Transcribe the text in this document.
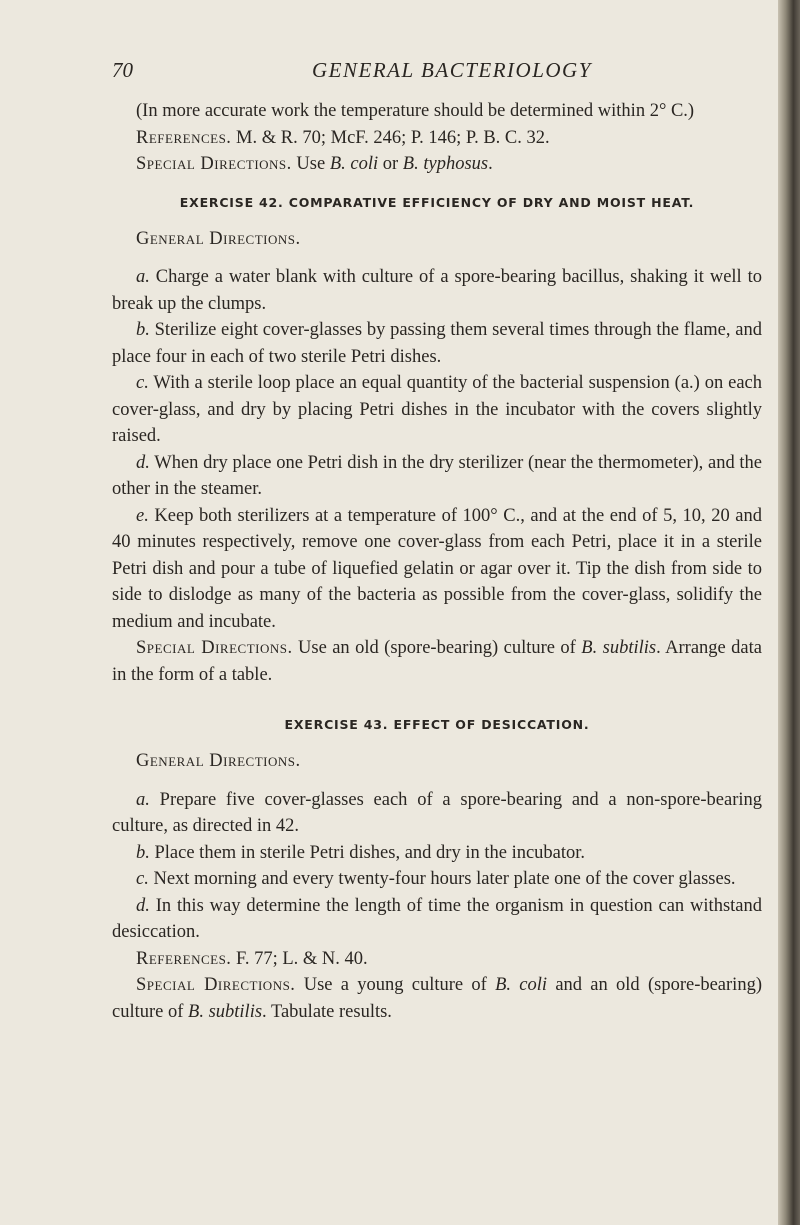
70	GENERAL BACTERIOLOGY

(In more accurate work the temperature should be determined within 2° C.)

References. M. & R. 70; McF. 246; P. 146; P. B. C. 32.

Special Directions. Use B. coli or B. typhosus.

EXERCISE 42. COMPARATIVE EFFICIENCY OF DRY AND MOIST HEAT.

General Directions.

a. Charge a water blank with culture of a spore-bearing bacillus, shaking it well to break up the clumps.

b. Sterilize eight cover-glasses by passing them several times through the flame, and place four in each of two sterile Petri dishes.

c. With a sterile loop place an equal quantity of the bacterial suspension (a.) on each cover-glass, and dry by placing Petri dishes in the incubator with the covers slightly raised.

d. When dry place one Petri dish in the dry sterilizer (near the thermometer), and the other in the steamer.

e. Keep both sterilizers at a temperature of 100° C., and at the end of 5, 10, 20 and 40 minutes respectively, remove one cover-glass from each Petri, place it in a sterile Petri dish and pour a tube of liquefied gelatin or agar over it. Tip the dish from side to side to dislodge as many of the bacteria as possible from the cover-glass, solidify the medium and incubate.

Special Directions. Use an old (spore-bearing) culture of B. subtilis. Arrange data in the form of a table.

EXERCISE 43. EFFECT OF DESICCATION.

General Directions.

a. Prepare five cover-glasses each of a spore-bearing and a non-spore-bearing culture, as directed in 42.

b. Place them in sterile Petri dishes, and dry in the incubator.

c. Next morning and every twenty-four hours later plate one of the cover glasses.

d. In this way determine the length of time the organism in question can withstand desiccation.

References. F. 77; L. & N. 40.

Special Directions. Use a young culture of B. coli and an old (spore-bearing) culture of B. subtilis. Tabulate results.
